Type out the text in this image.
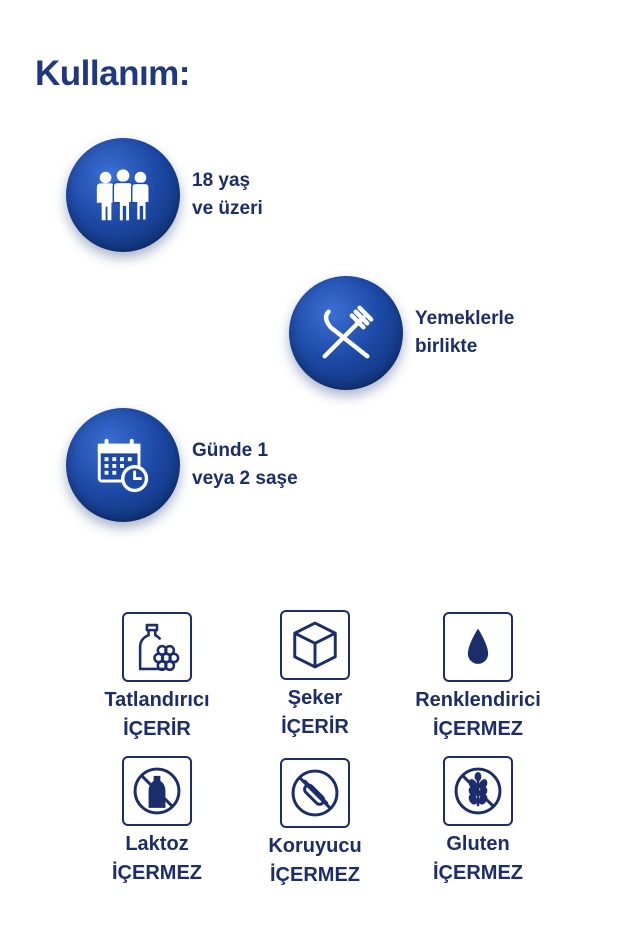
Kullanım:
18 yaş
ve üzeri
Yemeklerle
birlikte
Günde 1
veya 2 saşe
Tatlandırıcı
İÇERİR
Şeker
İÇERİR
Renklendirici
İÇERMEZ
Laktoz
İÇERMEZ
Koruyucu
İÇERMEZ
Gluten
İÇERMEZ
